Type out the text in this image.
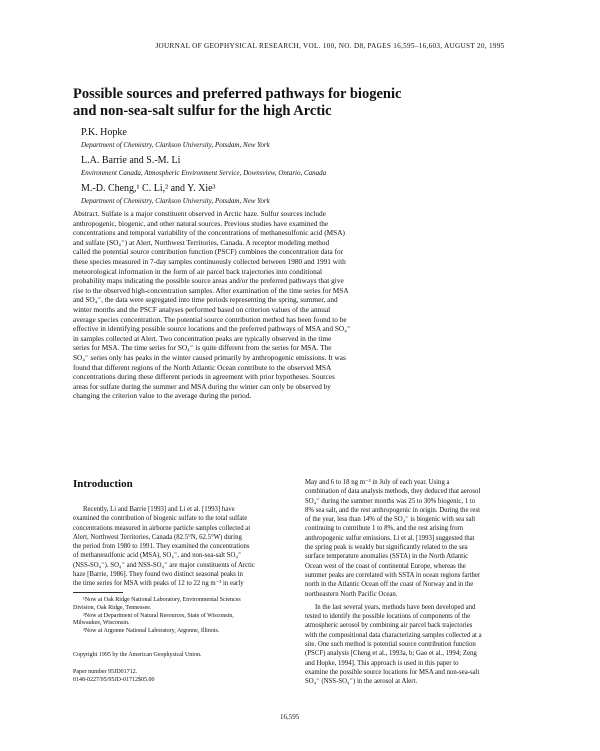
JOURNAL OF GEOPHYSICAL RESEARCH, VOL. 100, NO. D8, PAGES 16,595–16,603, AUGUST 20, 1995
Possible sources and preferred pathways for biogenic
and non-sea-salt sulfur for the high Arctic
P.K. Hopke
Department of Chemistry, Clarkson University, Potsdam, New York
L.A. Barrie and S.-M. Li
Environment Canada, Atmospheric Environment Service, Downsview, Ontario, Canada
M.-D. Cheng,¹ C. Li,² and Y. Xie³
Department of Chemistry, Clarkson University, Potsdam, New York
Abstract. Sulfate is a major constituent observed in Arctic haze. Sulfur sources include
anthropogenic, biogenic, and other natural sources. Previous studies have examined the
concentrations and temporal variability of the concentrations of methanesulfonic acid (MSA)
and sulfate (SO₄⁼) at Alert, Northwest Territories, Canada. A receptor modeling method
called the potential source contribution function (PSCF) combines the concentration data for
these species measured in 7-day samples continuously collected between 1980 and 1991 with
meteorological information in the form of air parcel back trajectories into conditional
probability maps indicating the possible source areas and/or the preferred pathways that give
rise to the observed high-concentration samples. After examination of the time series for MSA
and SO₄⁼, the data were segregated into time periods representing the spring, summer, and
winter months and the PSCF analyses performed based on criterion values of the annual
average species concentration. The potential source contribution method has been found to be
effective in identifying possible source locations and the preferred pathways of MSA and SO₄⁼
in samples collected at Alert. Two concentration peaks are typically observed in the time
series for MSA. The time series for SO₄⁼ is quite different from the series for MSA. The
SO₄⁼ series only has peaks in the winter caused primarily by anthropogenic emissions. It was
found that different regions of the North Atlantic Ocean contribute to the observed MSA
concentrations during these different periods in agreement with prior hypotheses. Sources
areas for sulfate during the summer and MSA during the winter can only be observed by
changing the criterion value to the average during the period.
Introduction
Recently, Li and Barrie [1993] and Li et al. [1993] have
examined the contribution of biogenic sulfate to the total sulfate
concentrations measured in airborne particle samples collected at
Alert, Northwest Territories, Canada (82.5°N, 62.5°W) during
the period from 1980 to 1991. They examined the concentrations
of methanesulfonic acid (MSA), SO₄⁼, and non-sea-salt SO₄⁼
(NSS-SO₄⁼). SO₄⁼ and NSS-SO₄⁼ are major constituents of Arctic
haze [Barrie, 1986]. They found two distinct seasonal peaks in
the time series for MSA with peaks of 12 to 22 ng m⁻³ in early
¹Now at Oak Ridge National Laboratory, Environmental Sciences
Division, Oak Ridge, Tennessee.
²Now at Department of Natural Resources, State of Wisconsin,
Milwaukee, Wisconsin.
³Now at Argonne National Laboratory, Argonne, Illinois.
Copyright 1995 by the American Geophysical Union.
Paper number 95JD01712.
0148-0227/95/95JD-01712$05.00
May and 6 to 18 ng m⁻³ in July of each year. Using a
combination of data analysis methods, they deduced that aerosol
SO₄⁼ during the summer months was 25 to 30% biogenic, 1 to
8% sea salt, and the rest anthropogenic in origin. During the rest
of the year, less than 14% of the SO₄⁼ is biogenic with sea salt
continuing to contribute 1 to 8%, and the rest arising from
anthropogenic sulfur emissions. Li et al. [1993] suggested that
the spring peak is weakly but significantly related to the sea
surface temperature anomalies (SSTA) in the North Atlantic
Ocean west of the coast of continental Europe, whereas the
summer peaks are correlated with SSTA in ocean regions farther
north in the Atlantic Ocean off the coast of Norway and in the
northeastern North Pacific Ocean.
In the last several years, methods have been developed and
tested to identify the possible locations of components of the
atmospheric aerosol by combining air parcel back trajectories
with the compositional data characterizing samples collected at a
site. One such method is potential source contribution function
(PSCF) analysis [Cheng et al., 1993a, b; Gao et al., 1994; Zeng
and Hopke, 1994]. This approach is used in this paper to
examine the possible source locations for MSA and non-sea-salt
SO₄⁼ (NSS-SO₄⁼) in the aerosol at Alert.
16,595
